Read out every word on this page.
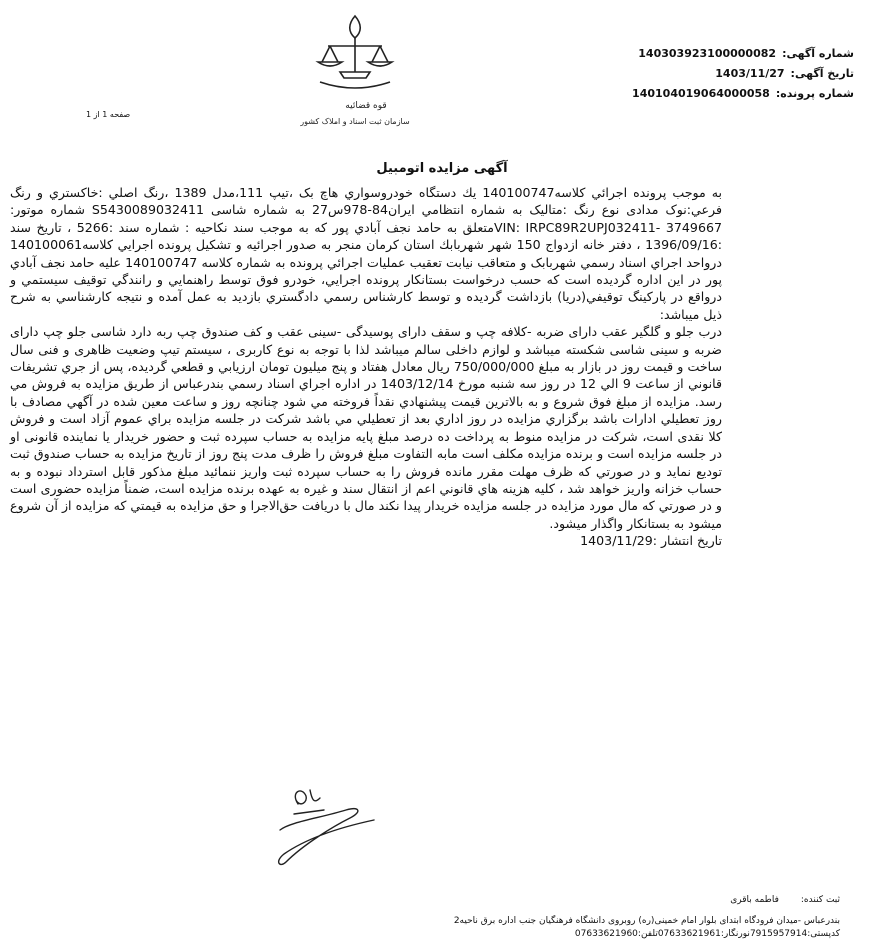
قوه قضائیه
سازمان ثبت اسناد و املاک کشور
شماره آگهی:
140303923100000082
تاریخ آگهی:
1403/11/27
شماره پرونده:
140104019064000058
صفحه 1 از 1
آگهی مزایده اتومبیل

به موجب پرونده اجرائي كلاسه140100747 يك دستگاه خودروسواري هاچ بک ،تیپ 111،مدل 1389 ،رنگ اصلي :خاكستري و رنگ فرعي:نوک مدادی نوع رنگ :متالیک به شماره انتظامي ايران84-978س27 به شماره شاسی S5430089032411 شماره موتور: 3749667 -VIN: IRPC89R2UPJ032411متعلق به حامد نجف آبادي پور كه به موجب سند نكاحيه : شماره سند :5266 ، تاريخ سند :1396/09/16 ، دفتر خانه ازدواج 150 شهر شهربابك استان كرمان منجر به صدور اجرائيه و تشكيل پرونده اجرايي كلاسه140100061 درواحد اجراي اسناد رسمي شهربابک و متعاقب نیابت تعقیب عملیات اجرائي پرونده به شماره كلاسه 140100747 عليه حامد نجف آبادي پور در اين اداره گرديده است كه حسب درخواست بستانكار پرونده اجرايي، خودرو فوق توسط راهنمايي و رانندگي توقيف سيستمي و درواقع در پاركينگ توقيفي(دريا) بازداشت گرديده و توسط كارشناس رسمي دادگستري بازديد به عمل آمده و نتيجه كارشناسي به شرح ذيل ميباشد:

درب جلو و گلگیر عقب دارای ضربه -کلافه چپ و سقف دارای پوسیدگی -سینی عقب و کف صندوق چپ ربه دارد شاسی جلو چپ دارای ضربه و سینی شاسی شکسته میباشد و لوازم داخلی سالم میباشد لذا با توجه به نوع کاربری ، سیستم تیپ وضعیت ظاهری و فنی سال ساخت و قیمت روز در بازار به مبلغ 750/000/000 ريال معادل هفتاد و پنج ميليون تومان ارزيابي و قطعي گرديده، پس از جري تشريفات قانوني از ساعت 9 الي 12 در روز سه شنبه مورخ 1403/12/14 در اداره اجراي اسناد رسمي بندرعباس از طريق مزايده به فروش مي رسد. مزايده از مبلغ فوق شروع و به بالاترين قيمت پيشنهادي نقداً فروخته مي شود چنانچه روز و ساعت معين شده در آگهي مصادف با روز تعطيلي ادارات باشد برگزاري مزايده در روز اداري بعد از تعطيلي مي باشد شركت در جلسه مزايده براي عموم آزاد است و فروش كلا نقدی است، شركت در مزایده منوط به پرداخت ده درصد مبلغ پایه مزایده به حساب سپرده ثبت و حضور خریدار یا نماینده قانونی او در جلسه مزایده است و برنده مزایده مکلف است مابه التفاوت مبلغ فروش را ظرف مدت پنج روز از تاريخ مزايده به حساب صندوق ثبت توديع نمايد و در صورتي كه ظرف مهلت مقرر مانده فروش را به حساب سپرده ثبت واريز ننمائيد مبلغ مذكور قابل استرداد نبوده و به حساب خزانه واريز خواهد شد ، كليه هزينه هاي قانوني اعم از انتقال سند و غيره به عهده برنده مزايده است، ضمناً مزایده حضوری است و در صورتي كه مال مورد مزايده در جلسه مزايده خريدار پيدا نكند مال با دريافت حق‌الاجرا و حق مزايده به قيمتي كه مزايده از آن شروع ميشود به بستانكار واگذار ميشود.

تاريخ انتشار :1403/11/29

ثبت کننده:
فاطمه باقری
بندرعباس -میدان فرودگاه ابتدای بلوار امام خمینی(ره) روبروی دانشگاه فرهنگیان جنب اداره برق ناحیه2
کدپستی:7915957914نورنگار:07633621961تلفن:07633621960
